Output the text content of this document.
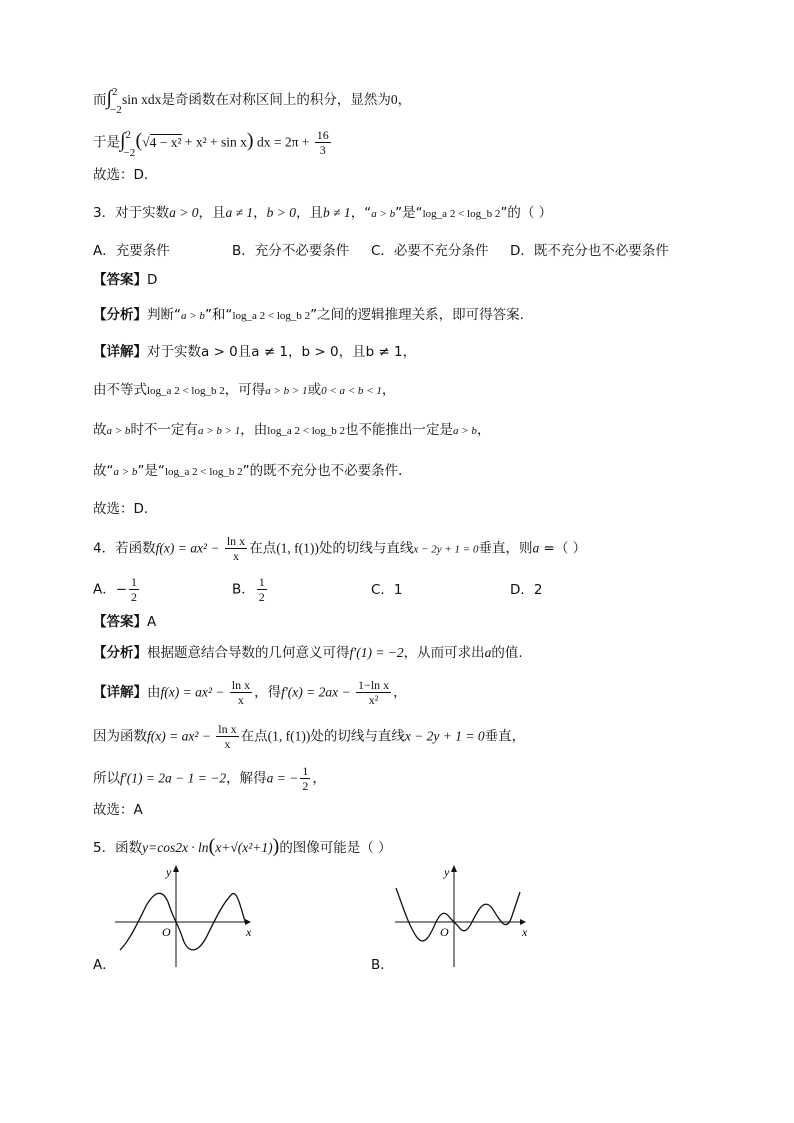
而∫ 2
−2
sin xdx是奇函数在对称区间上的积分，显然为0，
于是∫ 2
−2
(√4 − x² + x² + sin x) dx = $2\pi + \frac{16}{3}$
故选：D．
3．对于实数a > 0，且a ≠ 1，b > 0，且b ≠ 1，“a > b”是“log_a 2 < log_b 2”的（ ）
A．充要条件	B．充分不必要条件 C．必要不充分条件 D．既不充分也不必要条件
【答案】D
【分析】判断“a > b”和“log_a 2 < log_b 2”之间的逻辑推理关系，即可得答案.
【详解】对于实数a > 0且a ≠ 1，b > 0，且b ≠ 1，
由不等式log_a 2 < log_b 2，可得a > b > 1或0 < a < b < 1，
故a > b时不一定有a > b > 1，由log_a 2 < log_b 2也不能推出一定是a > b，
故“a > b”是“log_a 2 < log_b 2”的既不充分也不必要条件．
故选：D．
4．若函数$f(x) = ax^2 - \frac{\text{ln x}}{x}$ 在点(1, f(1))处的切线与直线x − 2y + 1 = 0垂直，则a =（ ）
A．− $\frac{1}{2}$	B． $\frac{1}{2}$	C．1	D．2
【答案】A
【分析】根据题意结合导数的几何意义可得f′(1) = −2，从而可求出a的值.
【详解】由$f(x) = ax^2 - \frac{\text{ln x}}{x}$ ，得$f'(x) = 2ax - \frac{\text{1−ln x}}{\text{x²}}$ ，
因为函数$f(x) = ax^2 - \frac{\text{ln x}}{x}$ 在点(1, f(1))处的切线与直线x − 2y + 1 = 0垂直，
所以f′(1) = 2a − 1 = −2，解得a = − $\frac{1}{2}$ ，
故选：A
5．函数y=cos2x · ln(x+√(x²+1))的图像可能是（ ）
x
y
O
A．
x
y
O
B．
